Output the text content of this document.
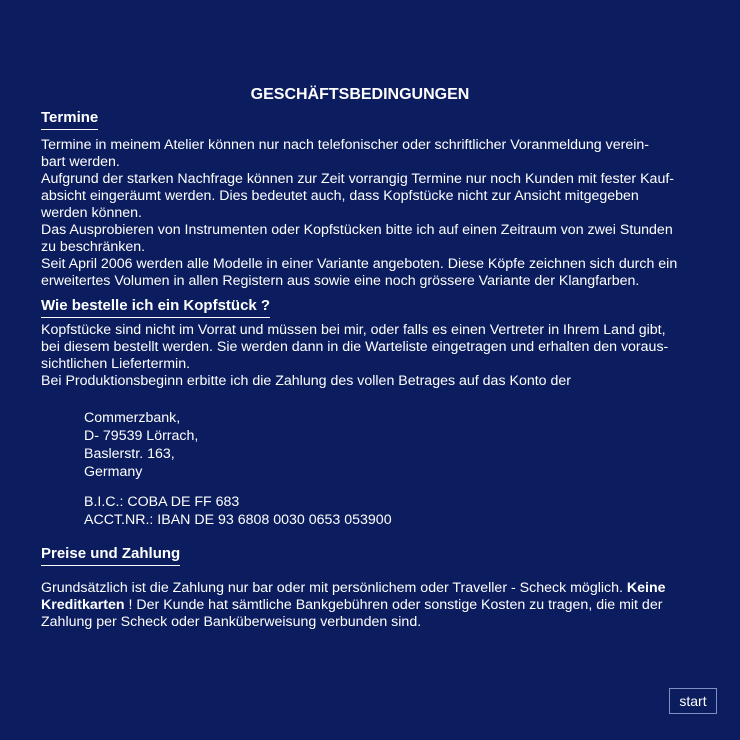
GESCHÄFTSBEDINGUNGEN
Termine

Termine in meinem Atelier können nur nach telefonischer oder schriftlicher Voranmeldung verein-
bart werden.
Aufgrund der starken Nachfrage können zur Zeit vorrangig Termine nur noch Kunden mit fester Kauf-
absicht eingeräumt werden. Dies bedeutet auch, dass Kopfstücke nicht zur Ansicht mitgegeben
werden können.
Das Ausprobieren von Instrumenten oder Kopfstücken bitte ich auf einen Zeitraum von zwei Stunden
zu beschränken.
Seit April 2006 werden alle Modelle in einer Variante angeboten. Diese Köpfe zeichnen sich durch ein
erweitertes Volumen in allen Registern aus sowie eine noch grössere Variante der Klangfarben.

Wie bestelle ich ein Kopfstück ?

Kopfstücke sind nicht im Vorrat und müssen bei mir, oder falls es einen Vertreter in Ihrem Land gibt,
bei diesem bestellt werden. Sie werden dann in die Warteliste eingetragen und erhalten den voraus-
sichtlichen Liefertermin.
Bei Produktionsbeginn erbitte ich die Zahlung des vollen Betrages auf das Konto der

Commerzbank,
D- 79539 Lörrach,
Baslerstr. 163,
Germany
B.I.C.: COBA DE FF 683
ACCT.NR.: IBAN DE 93 6808 0030 0653 053900
Preise und Zahlung

Grundsätzlich ist die Zahlung nur bar oder mit persönlichem oder Traveller - Scheck möglich. Keine
Kreditkarten ! Der Kunde hat sämtliche Bankgebühren oder sonstige Kosten zu tragen, die mit der
Zahlung per Scheck oder Banküberweisung verbunden sind.

start
